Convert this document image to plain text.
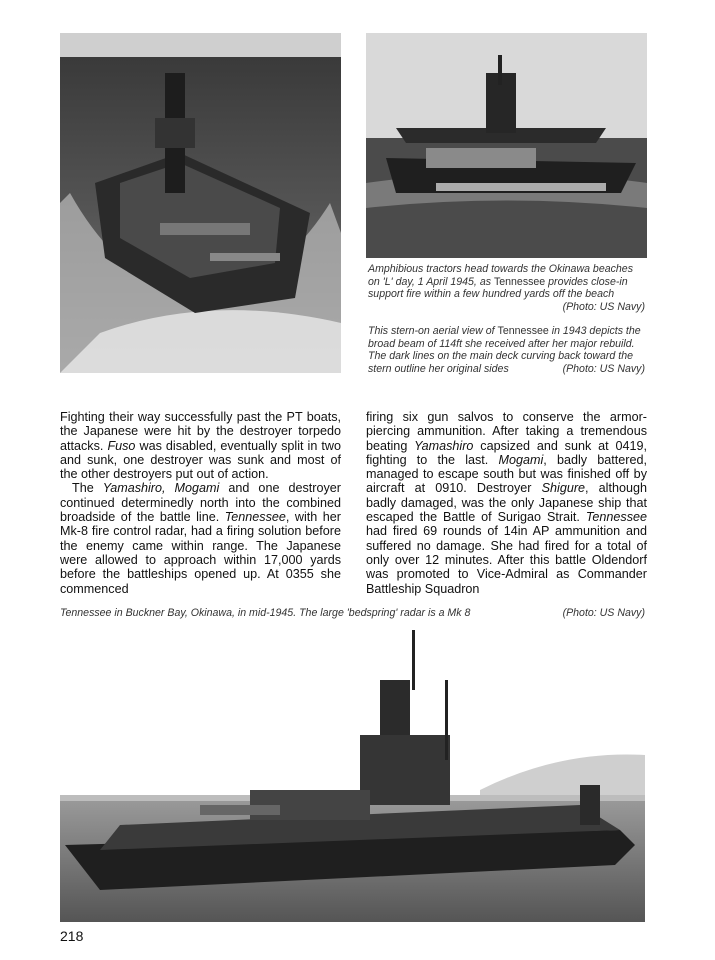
Amphibious tractors head towards the Okinawa beaches on 'L' day, 1 April 1945, as Tennessee provides close-in support fire within a few hundred yards off the beach
(Photo: US Navy)
This stern-on aerial view of Tennessee in 1943 depicts the broad beam of 114ft she received after her major rebuild. The dark lines on the main deck curving back toward the stern outline her original sides	(Photo: US Navy)

Fighting their way successfully past the PT boats, the Japanese were hit by the destroyer torpedo attacks. Fuso was disabled, eventually split in two and sunk, one destroyer was sunk and most of the other destroyers put out of action.

The Yamashiro, Mogami and one destroyer continued determinedly north into the combined broadside of the battle line. Tennessee, with her Mk-8 fire control radar, had a firing solution before the enemy came within range. The Japanese were allowed to approach within 17,000 yards before the battleships opened up. At 0355 she commenced

firing six gun salvos to conserve the armor-piercing ammunition. After taking a tremendous beating Yamashiro capsized and sunk at 0419, fighting to the last. Mogami, badly battered, managed to escape south but was finished off by aircraft at 0910. Destroyer Shigure, although badly damaged, was the only Japanese ship that escaped the Battle of Surigao Strait. Tennessee had fired 69 rounds of 14in AP ammunition and suffered no damage. She had fired for a total of only over 12 minutes. After this battle Oldendorf was promoted to Vice-Admiral as Commander Battleship Squadron

Tennessee in Buckner Bay, Okinawa, in mid-1945. The large 'bedspring' radar is a Mk 8	(Photo: US Navy)
218
